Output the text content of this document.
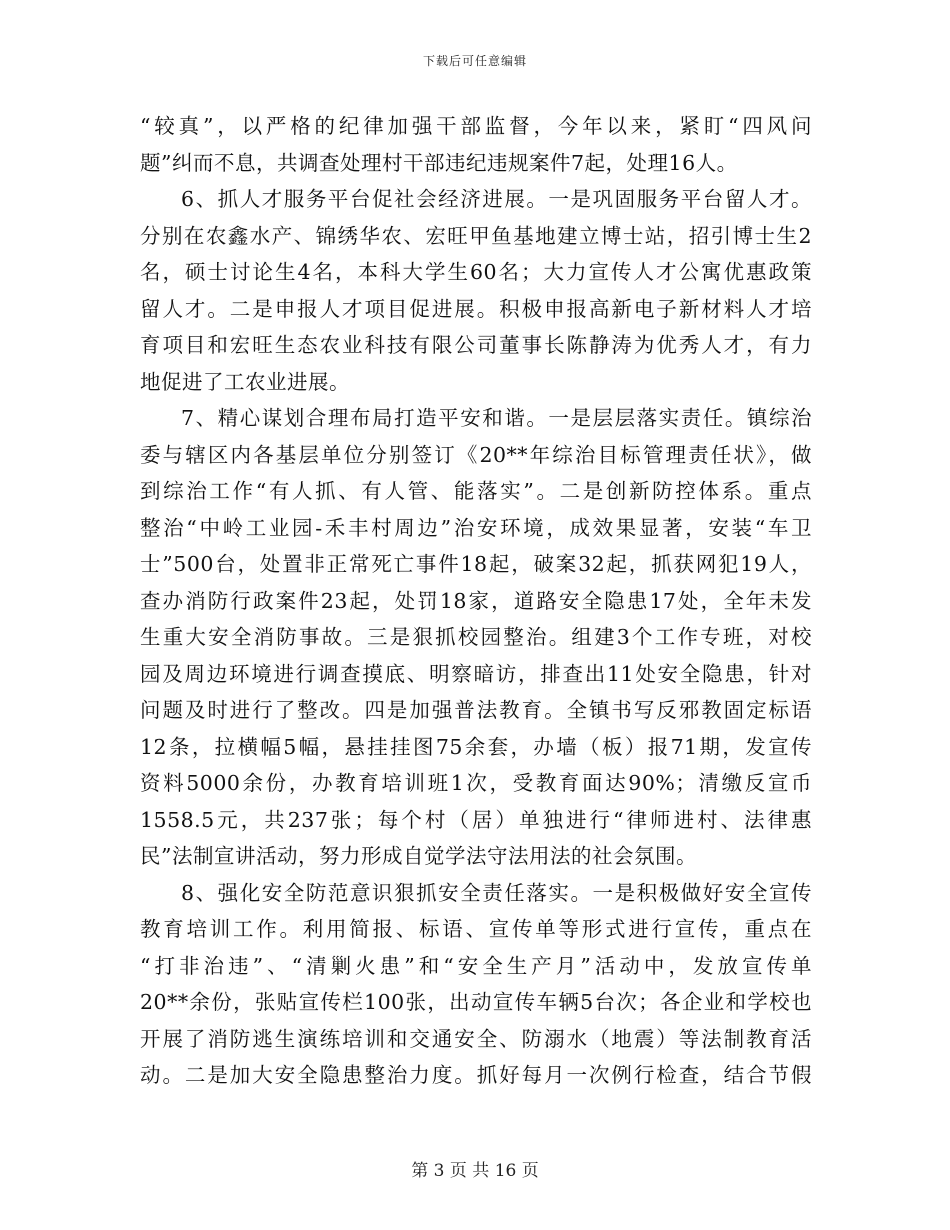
下载后可任意编辑
“较真”，以严格的纪律加强干部监督，今年以来，紧盯“四风问
题”纠而不息，共调查处理村干部违纪违规案件7起，处理16人。
6、抓人才服务平台促社会经济进展。一是巩固服务平台留人才。
分别在农鑫水产、锦绣华农、宏旺甲鱼基地建立博士站，招引博士生2
名，硕士讨论生4名，本科大学生60名；大力宣传人才公寓优惠政策
留人才。二是申报人才项目促进展。积极申报高新电子新材料人才培
育项目和宏旺生态农业科技有限公司董事长陈静涛为优秀人才，有力
地促进了工农业进展。
7、精心谋划合理布局打造平安和谐。一是层层落实责任。镇综治
委与辖区内各基层单位分别签订《20**年综治目标管理责任状》，做
到综治工作“有人抓、有人管、能落实”。二是创新防控体系。重点
整治“中岭工业园-禾丰村周边”治安环境，成效果显著，安装“车卫
士”500台，处置非正常死亡事件18起，破案32起，抓获网犯19人，
查办消防行政案件23起，处罚18家，道路安全隐患17处，全年未发
生重大安全消防事故。三是狠抓校园整治。组建3个工作专班，对校
园及周边环境进行调查摸底、明察暗访，排查出11处安全隐患，针对
问题及时进行了整改。四是加强普法教育。全镇书写反邪教固定标语
12条，拉横幅5幅，悬挂挂图75余套，办墙（板）报71期，发宣传
资料5000余份，办教育培训班1次，受教育面达90%；清缴反宣币
1558.5元，共237张；每个村（居）单独进行“律师进村、法律惠
民”法制宣讲活动，努力形成自觉学法守法用法的社会氛围。
8、强化安全防范意识狠抓安全责任落实。一是积极做好安全宣传
教育培训工作。利用简报、标语、宣传单等形式进行宣传，重点在
“打非治违”、“清剿火患”和“安全生产月”活动中，发放宣传单
20**余份，张贴宣传栏100张，出动宣传车辆5台次；各企业和学校也
开展了消防逃生演练培训和交通安全、防溺水（地震）等法制教育活
动。二是加大安全隐患整治力度。抓好每月一次例行检查，结合节假
第 3 页 共 16 页
